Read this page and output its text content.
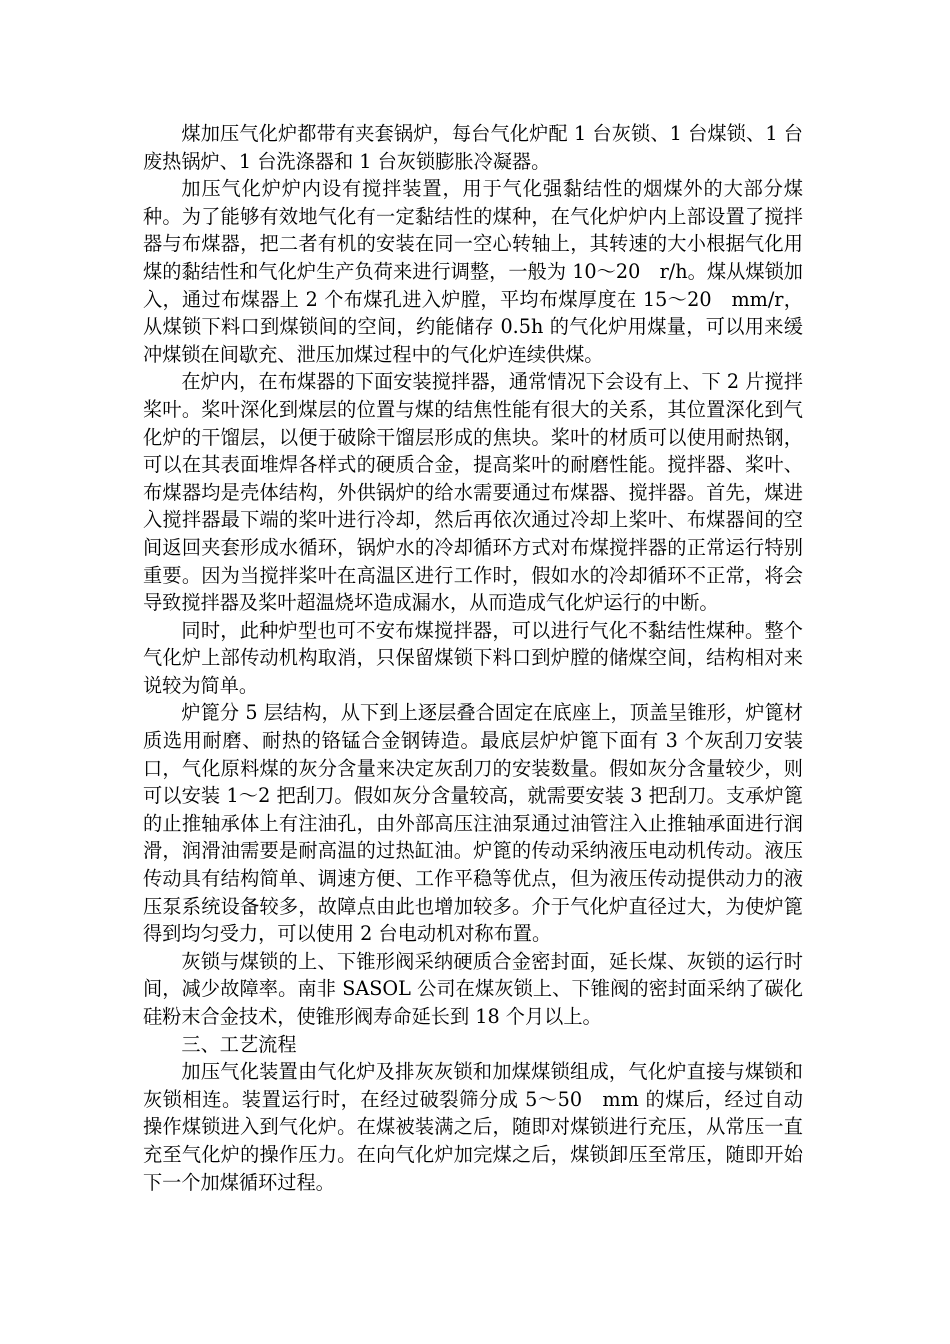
煤加压气化炉都带有夹套锅炉，每台气化炉配 1 台灰锁、1 台煤锁、1 台废热锅炉、1 台洗涤器和 1 台灰锁膨胀冷凝器。

加压气化炉炉内设有搅拌装置，用于气化强黏结性的烟煤外的大部分煤种。为了能够有效地气化有一定黏结性的煤种，在气化炉炉内上部设置了搅拌器与布煤器，把二者有机的安装在同一空心转轴上，其转速的大小根据气化用煤的黏结性和气化炉生产负荷来进行调整，一般为 10～20　r/h。煤从煤锁加入，通过布煤器上 2 个布煤孔进入炉膛，平均布煤厚度在 15～20　mm/r，从煤锁下料口到煤锁间的空间，约能储存 0.5h 的气化炉用煤量，可以用来缓冲煤锁在间歇充、泄压加煤过程中的气化炉连续供煤。

在炉内，在布煤器的下面安装搅拌器，通常情况下会设有上、下 2 片搅拌桨叶。桨叶深化到煤层的位置与煤的结焦性能有很大的关系，其位置深化到气化炉的干馏层，以便于破除干馏层形成的焦块。桨叶的材质可以使用耐热钢，可以在其表面堆焊各样式的硬质合金，提高桨叶的耐磨性能。搅拌器、桨叶、布煤器均是壳体结构，外供锅炉的给水需要通过布煤器、搅拌器。首先，煤进入搅拌器最下端的桨叶进行冷却，然后再依次通过冷却上桨叶、布煤器间的空间返回夹套形成水循环，锅炉水的冷却循环方式对布煤搅拌器的正常运行特别重要。因为当搅拌桨叶在高温区进行工作时，假如水的冷却循环不正常，将会导致搅拌器及桨叶超温烧坏造成漏水，从而造成气化炉运行的中断。

同时，此种炉型也可不安布煤搅拌器，可以进行气化不黏结性煤种。整个气化炉上部传动机构取消，只保留煤锁下料口到炉膛的储煤空间，结构相对来说较为简单。

炉篦分 5 层结构，从下到上逐层叠合固定在底座上，顶盖呈锥形，炉篦材质选用耐磨、耐热的铬锰合金钢铸造。最底层炉炉篦下面有 3 个灰刮刀安装口，气化原料煤的灰分含量来决定灰刮刀的安装数量。假如灰分含量较少，则可以安装 1～2 把刮刀。假如灰分含量较高，就需要安装 3 把刮刀。支承炉篦的止推轴承体上有注油孔，由外部高压注油泵通过油管注入止推轴承面进行润滑，润滑油需要是耐高温的过热缸油。炉篦的传动采纳液压电动机传动。液压传动具有结构简单、调速方便、工作平稳等优点，但为液压传动提供动力的液压泵系统设备较多，故障点由此也增加较多。介于气化炉直径过大，为使炉篦得到均匀受力，可以使用 2 台电动机对称布置。

灰锁与煤锁的上、下锥形阀采纳硬质合金密封面，延长煤、灰锁的运行时间，减少故障率。南非 SASOL 公司在煤灰锁上、下锥阀的密封面采纳了碳化硅粉末合金技术，使锥形阀寿命延长到 18 个月以上。

三、工艺流程

加压气化装置由气化炉及排灰灰锁和加煤煤锁组成，气化炉直接与煤锁和灰锁相连。装置运行时，在经过破裂筛分成 5～50　mm 的煤后，经过自动操作煤锁进入到气化炉。在煤被装满之后，随即对煤锁进行充压，从常压一直充至气化炉的操作压力。在向气化炉加完煤之后，煤锁卸压至常压，随即开始下一个加煤循环过程。
